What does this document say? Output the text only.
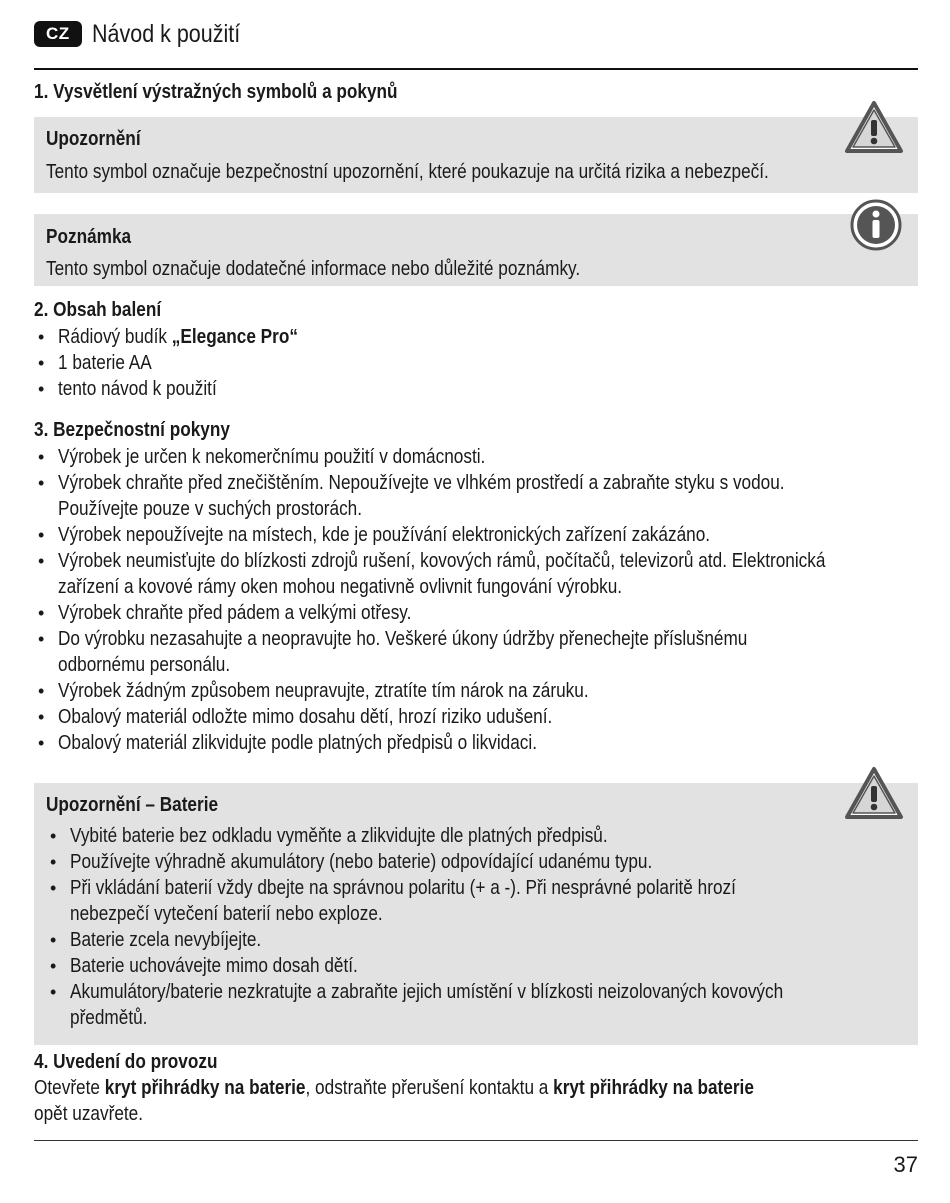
CZ Návod k použití
1. Vysvětlení výstražných symbolů a pokynů
Upozornění
Tento symbol označuje bezpečnostní upozornění, které poukazuje na určitá rizika a nebezpečí.
Poznámka
Tento symbol označuje dodatečné informace nebo důležité poznámky.
2. Obsah balení
• Rádiový budík „Elegance Pro“
• 1 baterie AA
• tento návod k použití
3. Bezpečnostní pokyny
• Výrobek je určen k nekomerčnímu použití v domácnosti.
• Výrobek chraňte před znečištěním. Nepoužívejte ve vlhkém prostředí a zabraňte styku s vodou.
Používejte pouze v suchých prostorách.
• Výrobek nepoužívejte na místech, kde je používání elektronických zařízení zakázáno.
• Výrobek neumisťujte do blízkosti zdrojů rušení, kovových rámů, počítačů, televizorů atd. Elektronická
zařízení a kovové rámy oken mohou negativně ovlivnit fungování výrobku.
• Výrobek chraňte před pádem a velkými otřesy.
• Do výrobku nezasahujte a neopravujte ho. Veškeré úkony údržby přenechejte příslušnému
odbornému personálu.
• Výrobek žádným způsobem neupravujte, ztratíte tím nárok na záruku.
• Obalový materiál odložte mimo dosahu dětí, hrozí riziko udušení.
• Obalový materiál zlikvidujte podle platných předpisů o likvidaci.
Upozornění – Baterie
• Vybité baterie bez odkladu vyměňte a zlikvidujte dle platných předpisů.
• Používejte výhradně akumulátory (nebo baterie) odpovídající udanému typu.
• Při vkládání baterií vždy dbejte na správnou polaritu (+ a -). Při nesprávné polaritě hrozí
nebezpečí vytečení baterií nebo exploze.
• Baterie zcela nevybíjejte.
• Baterie uchovávejte mimo dosah dětí.
• Akumulátory/baterie nezkratujte a zabraňte jejich umístění v blízkosti neizolovaných kovových
předmětů.
4. Uvedení do provozu
Otevřete kryt přihrádky na baterie, odstraňte přerušení kontaktu a kryt přihrádky na baterie
opět uzavřete.
37
